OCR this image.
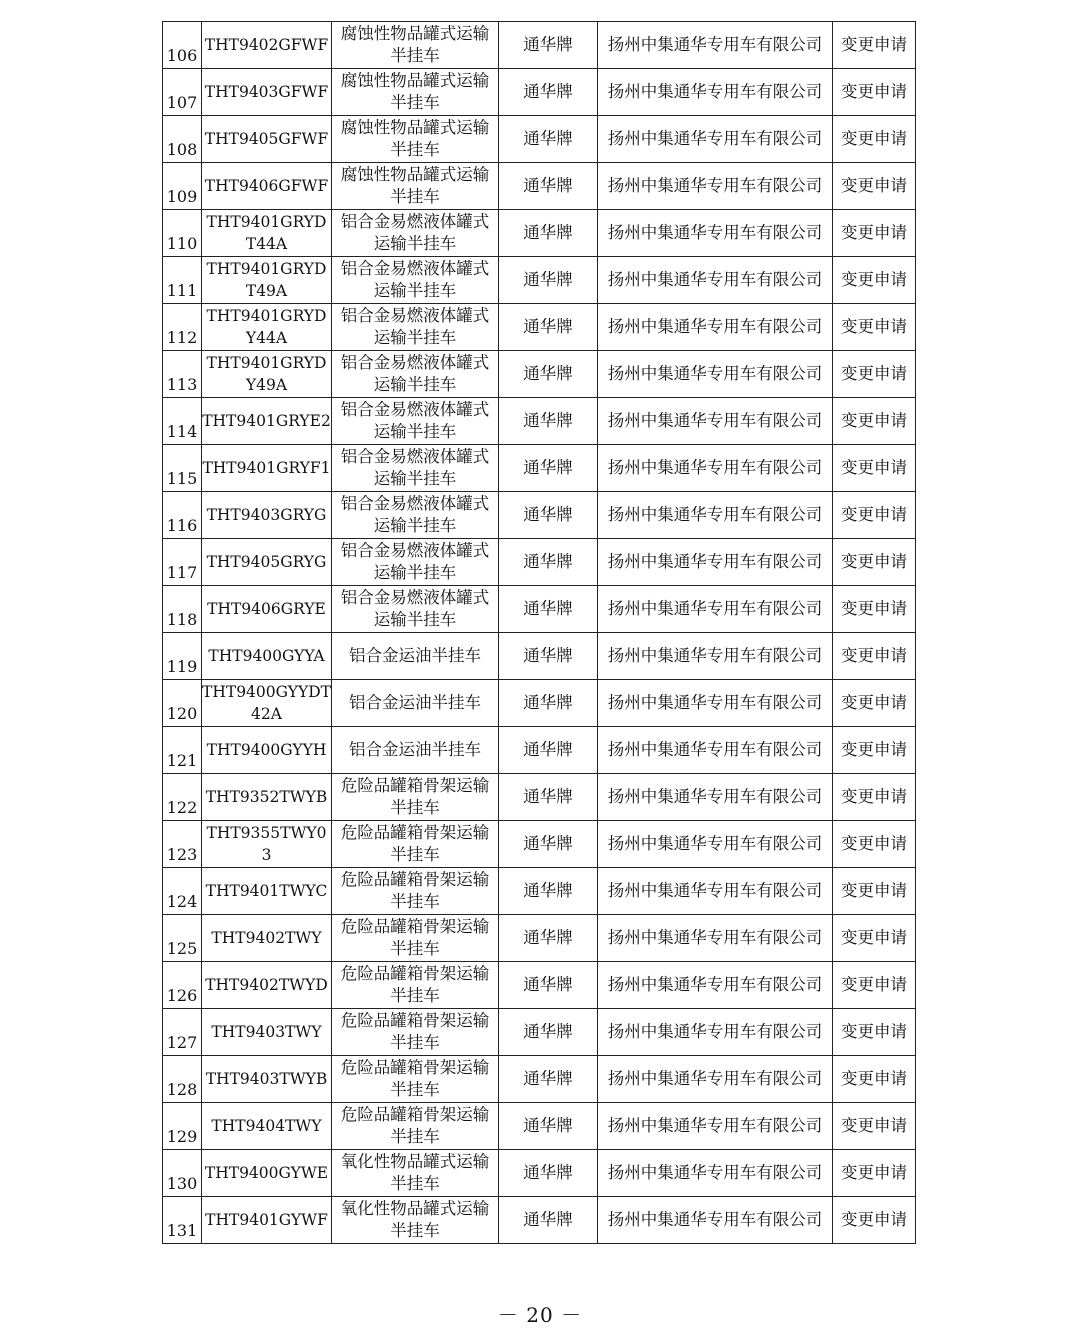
106	THT9402GFWF	腐蚀性物品罐式运输半挂车	通华牌	扬州中集通华专用车有限公司	变更申请
107	THT9403GFWF	腐蚀性物品罐式运输半挂车	通华牌	扬州中集通华专用车有限公司	变更申请
108	THT9405GFWF	腐蚀性物品罐式运输半挂车	通华牌	扬州中集通华专用车有限公司	变更申请
109	THT9406GFWF	腐蚀性物品罐式运输半挂车	通华牌	扬州中集通华专用车有限公司	变更申请
110	THT9401GRYDT44A	铝合金易燃液体罐式运输半挂车	通华牌	扬州中集通华专用车有限公司	变更申请
111	THT9401GRYDT49A	铝合金易燃液体罐式运输半挂车	通华牌	扬州中集通华专用车有限公司	变更申请
112	THT9401GRYDY44A	铝合金易燃液体罐式运输半挂车	通华牌	扬州中集通华专用车有限公司	变更申请
113	THT9401GRYDY49A	铝合金易燃液体罐式运输半挂车	通华牌	扬州中集通华专用车有限公司	变更申请
114	THT9401GRYE2	铝合金易燃液体罐式运输半挂车	通华牌	扬州中集通华专用车有限公司	变更申请
115	THT9401GRYF1	铝合金易燃液体罐式运输半挂车	通华牌	扬州中集通华专用车有限公司	变更申请
116	THT9403GRYG	铝合金易燃液体罐式运输半挂车	通华牌	扬州中集通华专用车有限公司	变更申请
117	THT9405GRYG	铝合金易燃液体罐式运输半挂车	通华牌	扬州中集通华专用车有限公司	变更申请
118	THT9406GRYE	铝合金易燃液体罐式运输半挂车	通华牌	扬州中集通华专用车有限公司	变更申请
119	THT9400GYYA	铝合金运油半挂车	通华牌	扬州中集通华专用车有限公司	变更申请
120	THT9400GYYDT42A	铝合金运油半挂车	通华牌	扬州中集通华专用车有限公司	变更申请
121	THT9400GYYH	铝合金运油半挂车	通华牌	扬州中集通华专用车有限公司	变更申请
122	THT9352TWYB	危险品罐箱骨架运输半挂车	通华牌	扬州中集通华专用车有限公司	变更申请
123	THT9355TWY03	危险品罐箱骨架运输半挂车	通华牌	扬州中集通华专用车有限公司	变更申请
124	THT9401TWYC	危险品罐箱骨架运输半挂车	通华牌	扬州中集通华专用车有限公司	变更申请
125	THT9402TWY	危险品罐箱骨架运输半挂车	通华牌	扬州中集通华专用车有限公司	变更申请
126	THT9402TWYD	危险品罐箱骨架运输半挂车	通华牌	扬州中集通华专用车有限公司	变更申请
127	THT9403TWY	危险品罐箱骨架运输半挂车	通华牌	扬州中集通华专用车有限公司	变更申请
128	THT9403TWYB	危险品罐箱骨架运输半挂车	通华牌	扬州中集通华专用车有限公司	变更申请
129	THT9404TWY	危险品罐箱骨架运输半挂车	通华牌	扬州中集通华专用车有限公司	变更申请
130	THT9400GYWE	氧化性物品罐式运输半挂车	通华牌	扬州中集通华专用车有限公司	变更申请
131	THT9401GYWF	氧化性物品罐式运输半挂车	通华牌	扬州中集通华专用车有限公司	变更申请
－ 20 －
